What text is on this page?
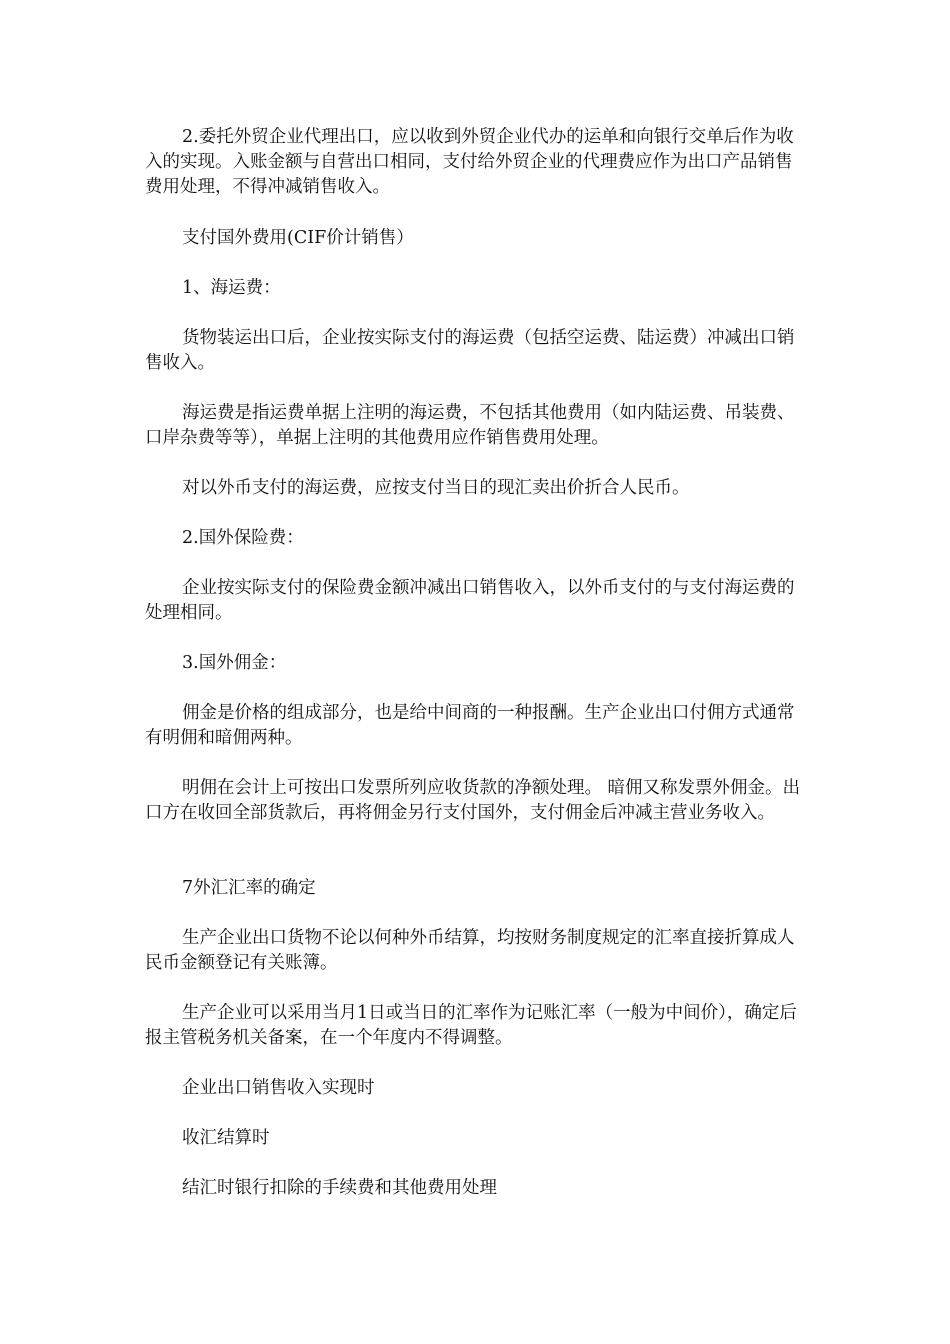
2.委托外贸企业代理出口，应以收到外贸企业代办的运单和向银行交单后作为收入的实现。入账金额与自营出口相同，支付给外贸企业的代理费应作为出口产品销售费用处理，不得冲减销售收入。

支付国外费用(CIF价计销售）

1、海运费：

货物装运出口后，企业按实际支付的海运费（包括空运费、陆运费）冲减出口销售收入。

海运费是指运费单据上注明的海运费，不包括其他费用（如内陆运费、吊装费、口岸杂费等等），单据上注明的其他费用应作销售费用处理。

对以外币支付的海运费，应按支付当日的现汇卖出价折合人民币。

2.国外保险费：

企业按实际支付的保险费金额冲减出口销售收入，以外币支付的与支付海运费的处理相同。

3.国外佣金：

佣金是价格的组成部分，也是给中间商的一种报酬。生产企业出口付佣方式通常有明佣和暗佣两种。

明佣在会计上可按出口发票所列应收货款的净额处理。 暗佣又称发票外佣金。出口方在收回全部货款后，再将佣金另行支付国外，支付佣金后冲减主营业务收入。

7外汇汇率的确定

生产企业出口货物不论以何种外币结算，均按财务制度规定的汇率直接折算成人民币金额登记有关账簿。

生产企业可以采用当月1日或当日的汇率作为记账汇率（一般为中间价），确定后报主管税务机关备案，在一个年度内不得调整。

企业出口销售收入实现时

收汇结算时

结汇时银行扣除的手续费和其他费用处理
